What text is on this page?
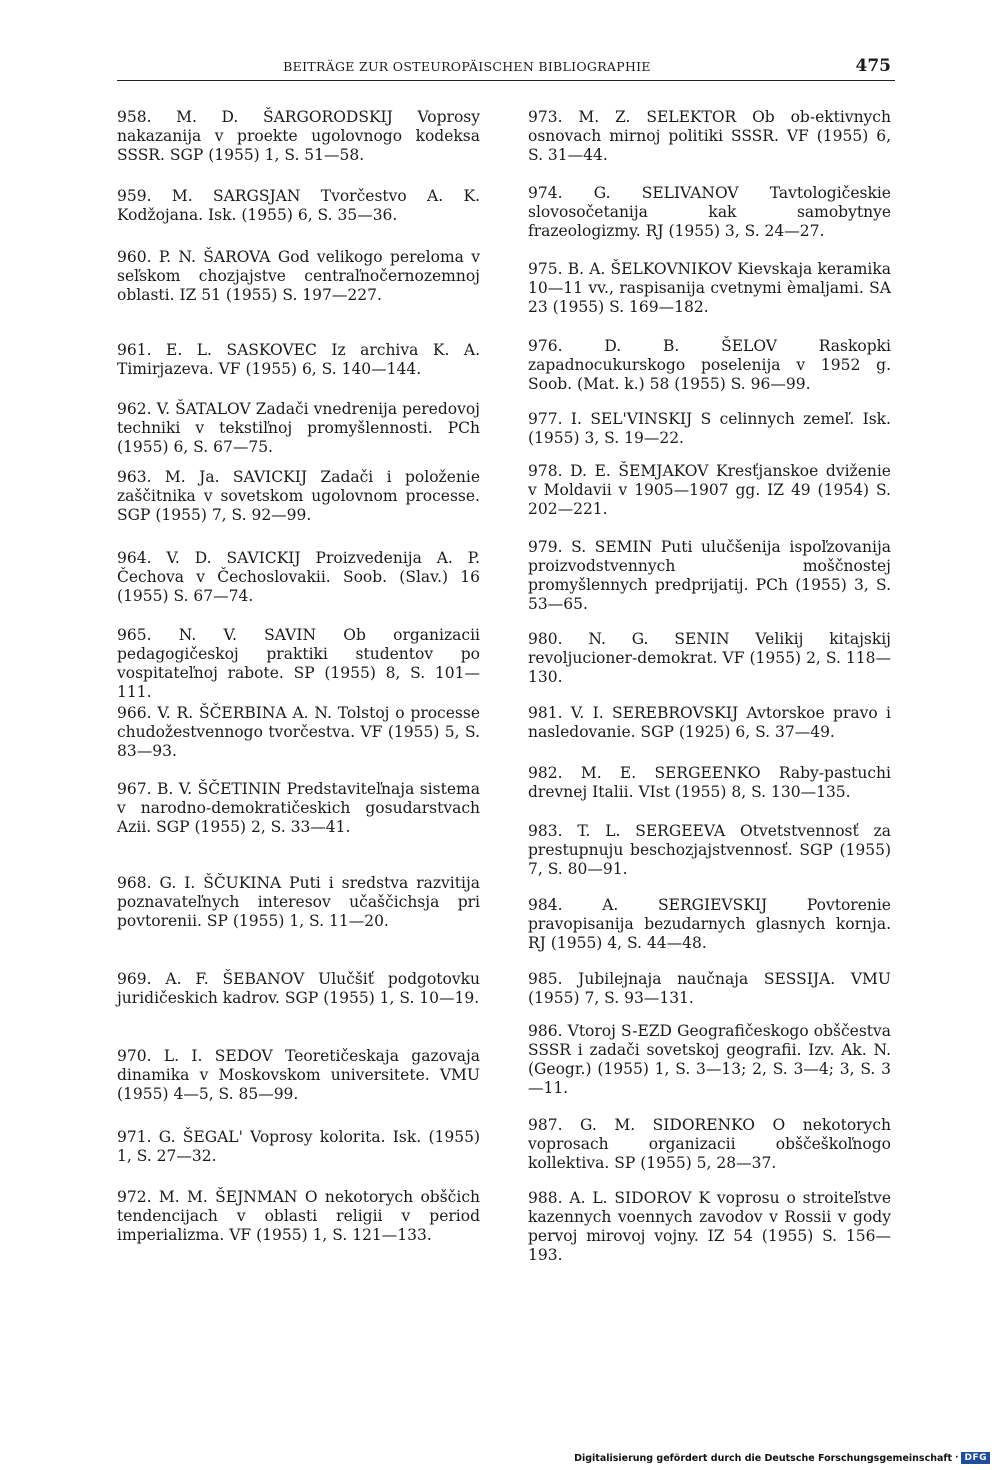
BEITRÄGE ZUR OSTEUROPÄISCHEN BIBLIOGRAPHIE	475

958. M. D. ŠARGORODSKIJ Voprosy nakazanija v proekte ugolovnogo kodeksa SSSR. SGP (1955) 1, S. 51—58.

959. M. SARGSJAN Tvorčestvo A. K. Kodžojana. Isk. (1955) 6, S. 35—36.

960. P. N. ŠAROVA God velikogo pereloma v seľskom chozjajstve centraľnočernozemnoj oblasti. IZ 51 (1955) S. 197—227.

961. E. L. SASKOVEC Iz archiva K. A. Timirjazeva. VF (1955) 6, S. 140—144.

962. V. ŠATALOV Zadači vnedrenija peredovoj techniki v tekstiľnoj promyšlennosti. PCh (1955) 6, S. 67—75.

963. M. Ja. SAVICKIJ Zadači i položenie zaščitnika v sovetskom ugolovnom processe. SGP (1955) 7, S. 92—99.

964. V. D. SAVICKIJ Proizvedenija A. P. Čechova v Čechoslovakii. Soob. (Slav.) 16 (1955) S. 67—74.

965. N. V. SAVIN Ob organizacii pedagogičeskoj praktiki studentov po vospitateľnoj rabote. SP (1955) 8, S. 101—111.

966. V. R. ŠČERBINA A. N. Tolstoj o processe chudožestvennogo tvorčestva. VF (1955) 5, S. 83—93.

967. B. V. ŠČETININ Predstaviteľnaja sistema v narodno-demokratičeskich gosudarstvach Azii. SGP (1955) 2, S. 33—41.

968. G. I. ŠČUKINA Puti i sredstva razvitija poznavateľnych interesov učaščichsja pri povtorenii. SP (1955) 1, S. 11—20.

969. A. F. ŠEBANOV Ulučšiť podgotovku juridičeskich kadrov. SGP (1955) 1, S. 10—19.

970. L. I. SEDOV Teoretičeskaja gazovaja dinamika v Moskovskom universitete. VMU (1955) 4—5, S. 85—99.

971. G. ŠEGAL' Voprosy kolorita. Isk. (1955) 1, S. 27—32.

972. M. M. ŠEJNMAN O nekotorych obščich tendencijach v oblasti religii v period imperializma. VF (1955) 1, S. 121—133.

973. M. Z. SELEKTOR Ob ob-ektivnych osnovach mirnoj politiki SSSR. VF (1955) 6, S. 31—44.

974. G. SELIVANOV Tavtologičeskie slovosočetanija kak samobytnye frazeologizmy. RJ (1955) 3, S. 24—27.

975. B. A. ŠELKOVNIKOV Kievskaja keramika 10—11 vv., raspisanija cvetnymi èmaljami. SA 23 (1955) S. 169—182.

976.	D. B. ŠELOV Raskopki zapadnocukurskogo poselenija v 1952 g. Soob. (Mat. k.) 58 (1955) S. 96—99.

977. I. SEL'VINSKIJ S celinnych zemeľ. Isk. (1955) 3, S. 19—22.

978. D. E. ŠEMJAKOV Kresťjanskoe dviženie v Moldavii v 1905—1907 gg. IZ 49 (1954) S. 202—221.

979. S. SEMIN Puti ulučšenija ispoľzovanija proizvodstvennych moščnostej promyšlennych predprijatij. PCh (1955) 3, S. 53—65.

980. N. G. SENIN Velikij kitajskij revoljucioner-demokrat. VF (1955) 2, S. 118—130.

981. V. I. SEREBROVSKIJ Avtorskoe pravo i nasledovanie. SGP (1925) 6, S. 37—49.

982. M. E. SERGEENKO Raby-pastuchi drevnej Italii. VIst (1955) 8, S. 130—135.

983. T. L. SERGEEVA Otvetstvennosť za prestupnuju beschozjajstvennosť. SGP (1955) 7, S. 80—91.

984.	A. SERGIEVSKIJ Povtorenie pravopisanija bezudarnych glasnych kornja. RJ (1955) 4, S. 44—48.

985. Jubilejnaja naučnaja SESSIJA. VMU (1955) 7, S. 93—131.

986. Vtoroj S-EZD Geografičeskogo obščestva SSSR i zadači sovetskoj geografii. Izv. Ak. N. (Geogr.) (1955) 1, S. 3—13; 2, S. 3—4; 3, S. 3—11.

987. G. M. SIDORENKO O nekotorych voprosach organizacii obščeškoľnogo kollektiva. SP (1955) 5, 28—37.

988. A. L. SIDOROV K voprosu o stroiteľstve kazennych voennych zavodov v Rossii v gody pervoj mirovoj vojny. IZ 54 (1955) S. 156—193.

Digitalisierung gefördert durch die Deutsche Forschungsgemeinschaft · DFG
